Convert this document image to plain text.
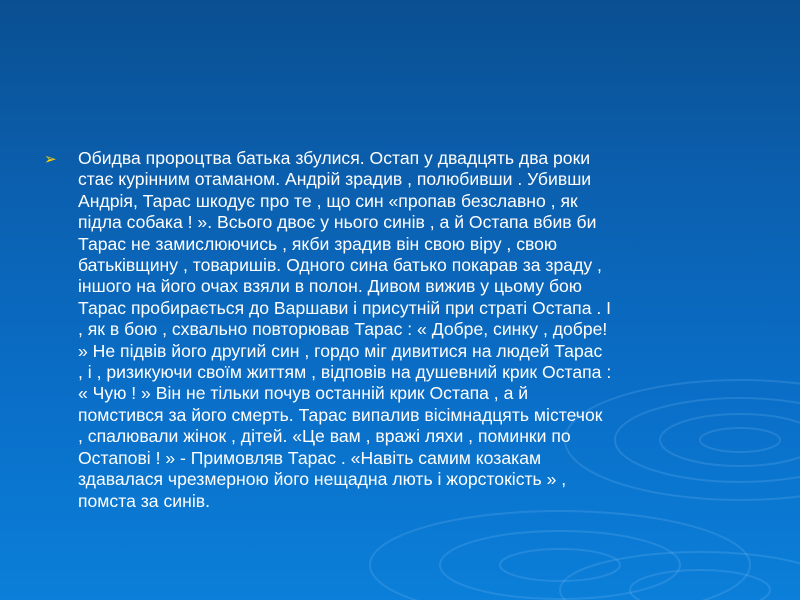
➢	Обидва пророцтва батька збулися. Остап у двадцять два роки
стає курінним отаманом. Андрій зрадив , полюбивши . Убивши
Андрія, Тарас шкодує про те , що син «пропав безславно , як
підла собака ! ». Всього двоє у нього синів , а й Остапа вбив би
Тарас не замислюючись , якби зрадив він свою віру , свою
батьківщину , товаришів. Одного сина батько покарав за зраду ,
іншого на його очах взяли в полон. Дивом вижив у цьому бою
Тарас пробирається до Варшави і присутній при страті Остапа . І
, як в бою , схвально повторював Тарас : « Добре, синку , добре!
» Не підвів його другий син , гордо міг дивитися на людей Тарас
, і , ризикуючи своїм життям , відповів на душевний крик Остапа :
« Чую ! » Він не тільки почув останній крик Остапа , а й
помстився за його смерть. Тарас випалив вісімнадцять містечок
, спалювали жінок , дітей. «Це вам , вражі ляхи , поминки по
Остапові ! » - Примовляв Тарас . «Навіть самим козакам
здавалася чрезмерною його нещадна лють і жорстокість » ,
помста за синів.
